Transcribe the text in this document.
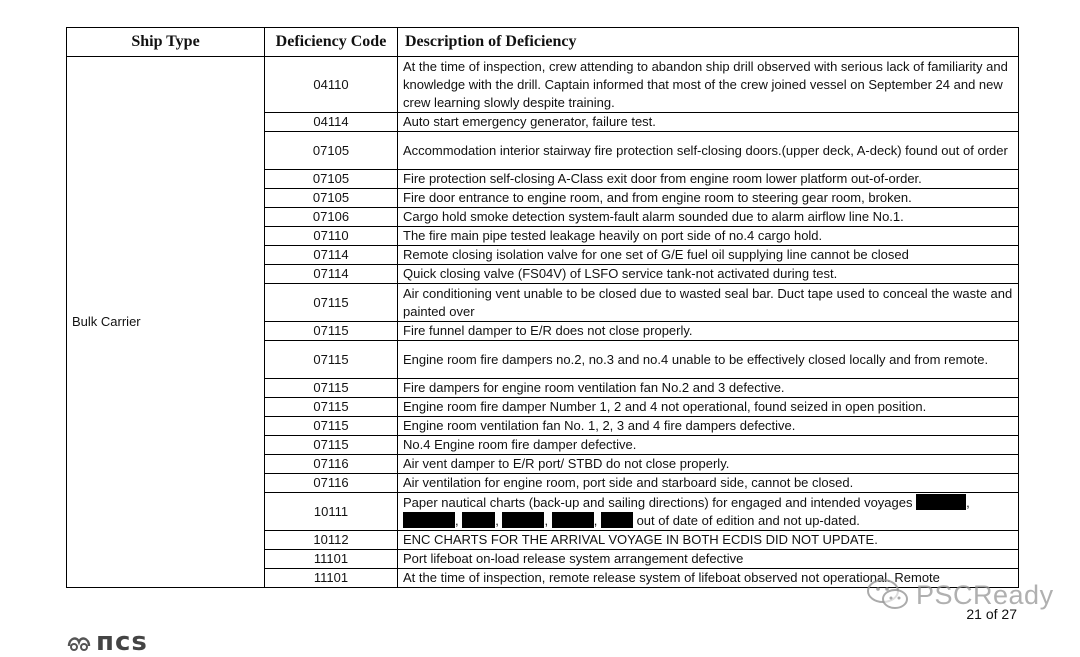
Ship Type	Deficiency Code	Description of Deficiency
Bulk Carrier	04110	At the time of inspection, crew attending to abandon ship drill observed with serious lack of familiarity and knowledge with the drill. Captain informed that most of the crew joined vessel on September 24 and new crew learning slowly despite training.
	04114	Auto start emergency generator, failure test.
	07105	Accommodation interior stairway fire protection self-closing doors.(upper deck, A-deck) found out of order
	07105	Fire protection self-closing A-Class exit door from engine room lower platform out-of-order.
	07105	Fire door entrance to engine room, and from engine room to steering gear room, broken.
	07106	Cargo hold smoke detection system-fault alarm sounded due to alarm airflow line No.1.
	07110	The fire main pipe tested leakage heavily on port side of no.4 cargo hold.
	07114	Remote closing isolation valve for one set of G/E fuel oil supplying line cannot be closed
	07114	Quick closing valve (FS04V) of LSFO service tank-not activated during test.
	07115	Air conditioning vent unable to be closed due to wasted seal bar. Duct tape used to conceal the waste and painted over
	07115	Fire funnel damper to E/R does not close properly.
	07115	Engine room fire dampers no.2, no.3 and no.4 unable to be effectively closed locally and from remote.
	07115	Fire dampers for engine room ventilation fan No.2 and 3 defective.
	07115	Engine room fire damper Number 1, 2 and 4 not operational, found seized in open position.
	07115	Engine room ventilation fan No. 1, 2, 3 and 4 fire dampers defective.
	07115	No.4 Engine room fire damper defective.
	07116	Air vent damper to E/R port/ STBD do not close properly.
	07116	Air ventilation for engine room, port side and starboard side, cannot be closed.
	10111	Paper nautical charts (back-up and sailing directions) for engaged and intended voyages , , , , , out of date of edition and not up-dated.
	10112	ENC CHARTS FOR THE ARRIVAL VOYAGE IN BOTH ECDIS DID NOT UPDATE.
	11101	Port lifeboat on-load release system arrangement defective
	11101	At the time of inspection, remote release system of lifeboat observed not operational. Remote
PSCReady
21 of 27
псs
